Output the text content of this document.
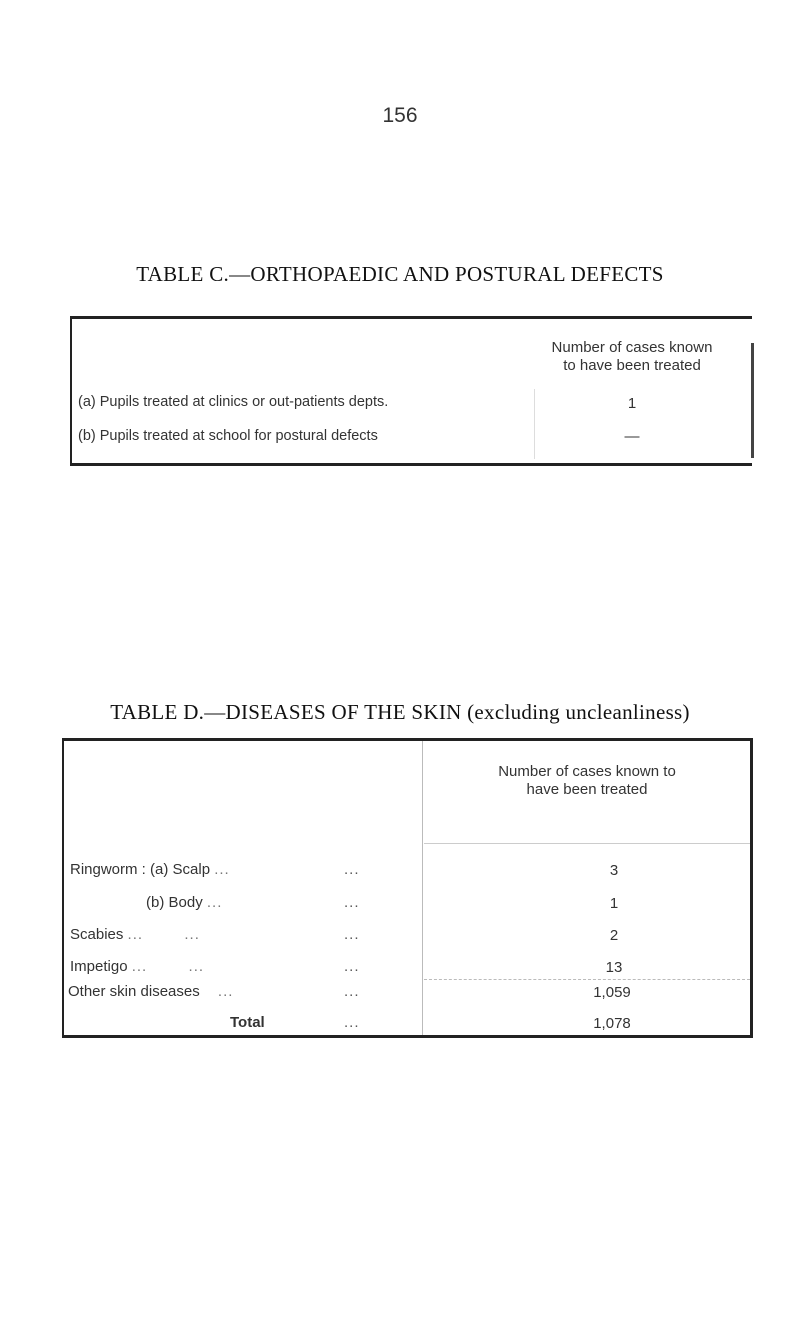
156
TABLE C.—ORTHOPAEDIC AND POSTURAL DEFECTS
Number of cases known
to have been treated
(a) Pupils treated at clinics or out-patients depts.	1
(b) Pupils treated at school for postural defects	—
TABLE D.—DISEASES OF THE SKIN (excluding uncleanliness)
Number of cases known to
have been treated
Ringworm : (a) Scalp ...	...	3
(b) Body ...	...	1
Scabies ...        ...	...	2
Impetigo ...        ...	...	13
Other skin diseases ...	...	1,059
Total	...	1,078
